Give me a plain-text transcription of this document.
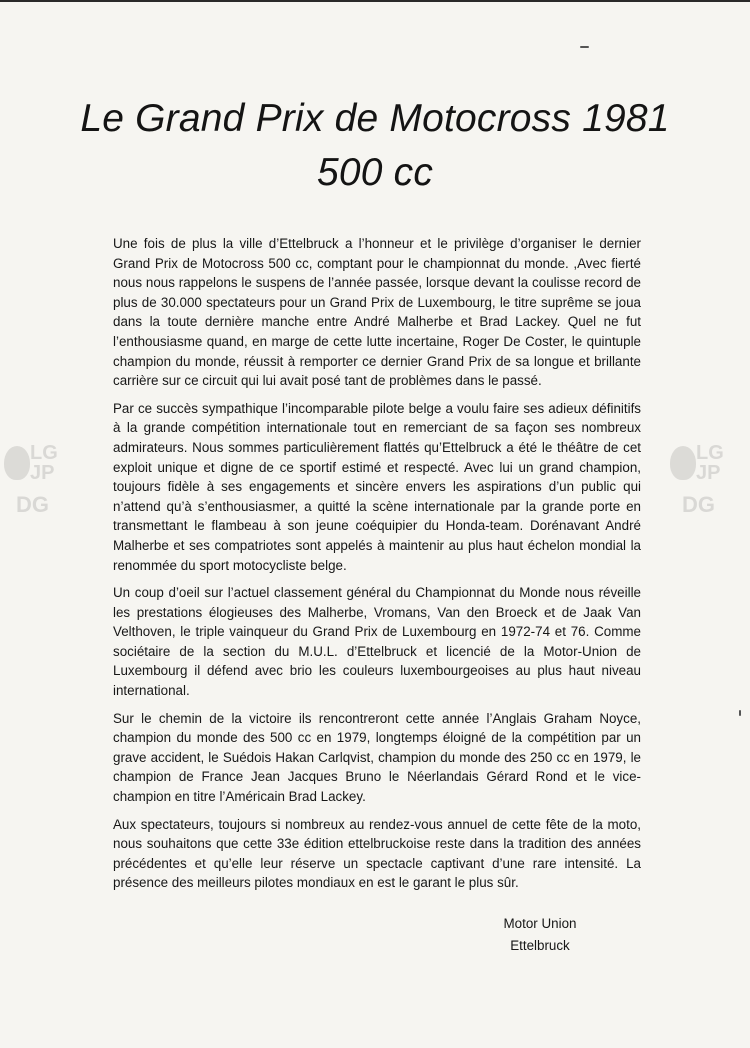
LG
JP
DG
LG
JP
DG
Le Grand Prix de Motocross 1981
500 cc

Une fois de plus la ville d’Ettelbruck a l’honneur et le privilège d’organiser le dernier Grand Prix de Motocross 500 cc, comptant pour le championnat du monde. ,Avec fierté nous nous rappelons le suspens de l’année passée, lorsque devant la coulisse record de plus de 30.000 spectateurs pour un Grand Prix de Luxembourg, le titre suprême se joua dans la toute dernière manche entre André Malherbe et Brad Lackey. Quel ne fut l’enthousiasme quand, en marge de cette lutte incertaine, Roger De Coster, le quintuple champion du monde, réussit à remporter ce dernier Grand Prix de sa longue et brillante carrière sur ce circuit qui lui avait posé tant de problèmes dans le passé.

Par ce succès sympathique l’incomparable pilote belge a voulu faire ses adieux définitifs à la grande compétition internationale tout en remerciant de sa façon ses nombreux admirateurs. Nous sommes particulièrement flattés qu’Ettelbruck a été le théâtre de cet exploit unique et digne de ce sportif estimé et respecté. Avec lui un grand champion, toujours fidèle à ses engagements et sincère envers les aspirations d’un public qui n’attend qu’à s’enthousiasmer, a quitté la scène internationale par la grande porte en transmettant le flambeau à son jeune coéquipier du Honda-team. Dorénavant André Malherbe et ses compatriotes sont appelés à maintenir au plus haut échelon mondial la renommée du sport motocycliste belge.

Un coup d’oeil sur l’actuel classement général du Championnat du Monde nous réveille les prestations élogieuses des Malherbe, Vromans, Van den Broeck et de Jaak Van Velthoven, le triple vainqueur du Grand Prix de Luxembourg en 1972-74 et 76. Comme sociétaire de la section du M.U.L. d’Ettelbruck et licencié de la Motor-Union de Luxembourg il défend avec brio les couleurs luxembourgeoises au plus haut niveau international.

Sur le chemin de la victoire ils rencontreront cette année l’Anglais Graham Noyce, champion du monde des 500 cc en 1979, longtemps éloigné de la compétition par un grave accident, le Suédois Hakan Carlqvist, champion du monde des 250 cc en 1979, le champion de France Jean Jacques Bruno le Néerlandais Gérard Rond et le vice-champion en titre l’Américain Brad Lackey.

Aux spectateurs, toujours si nombreux au rendez-vous annuel de cette fête de la moto, nous souhaitons que cette 33e édition ettelbruckoise reste dans la tradition des années précédentes et qu’elle leur réserve un spectacle captivant d’une rare intensité. La présence des meilleurs pilotes mondiaux en est le garant le plus sûr.

Motor Union
Ettelbruck
